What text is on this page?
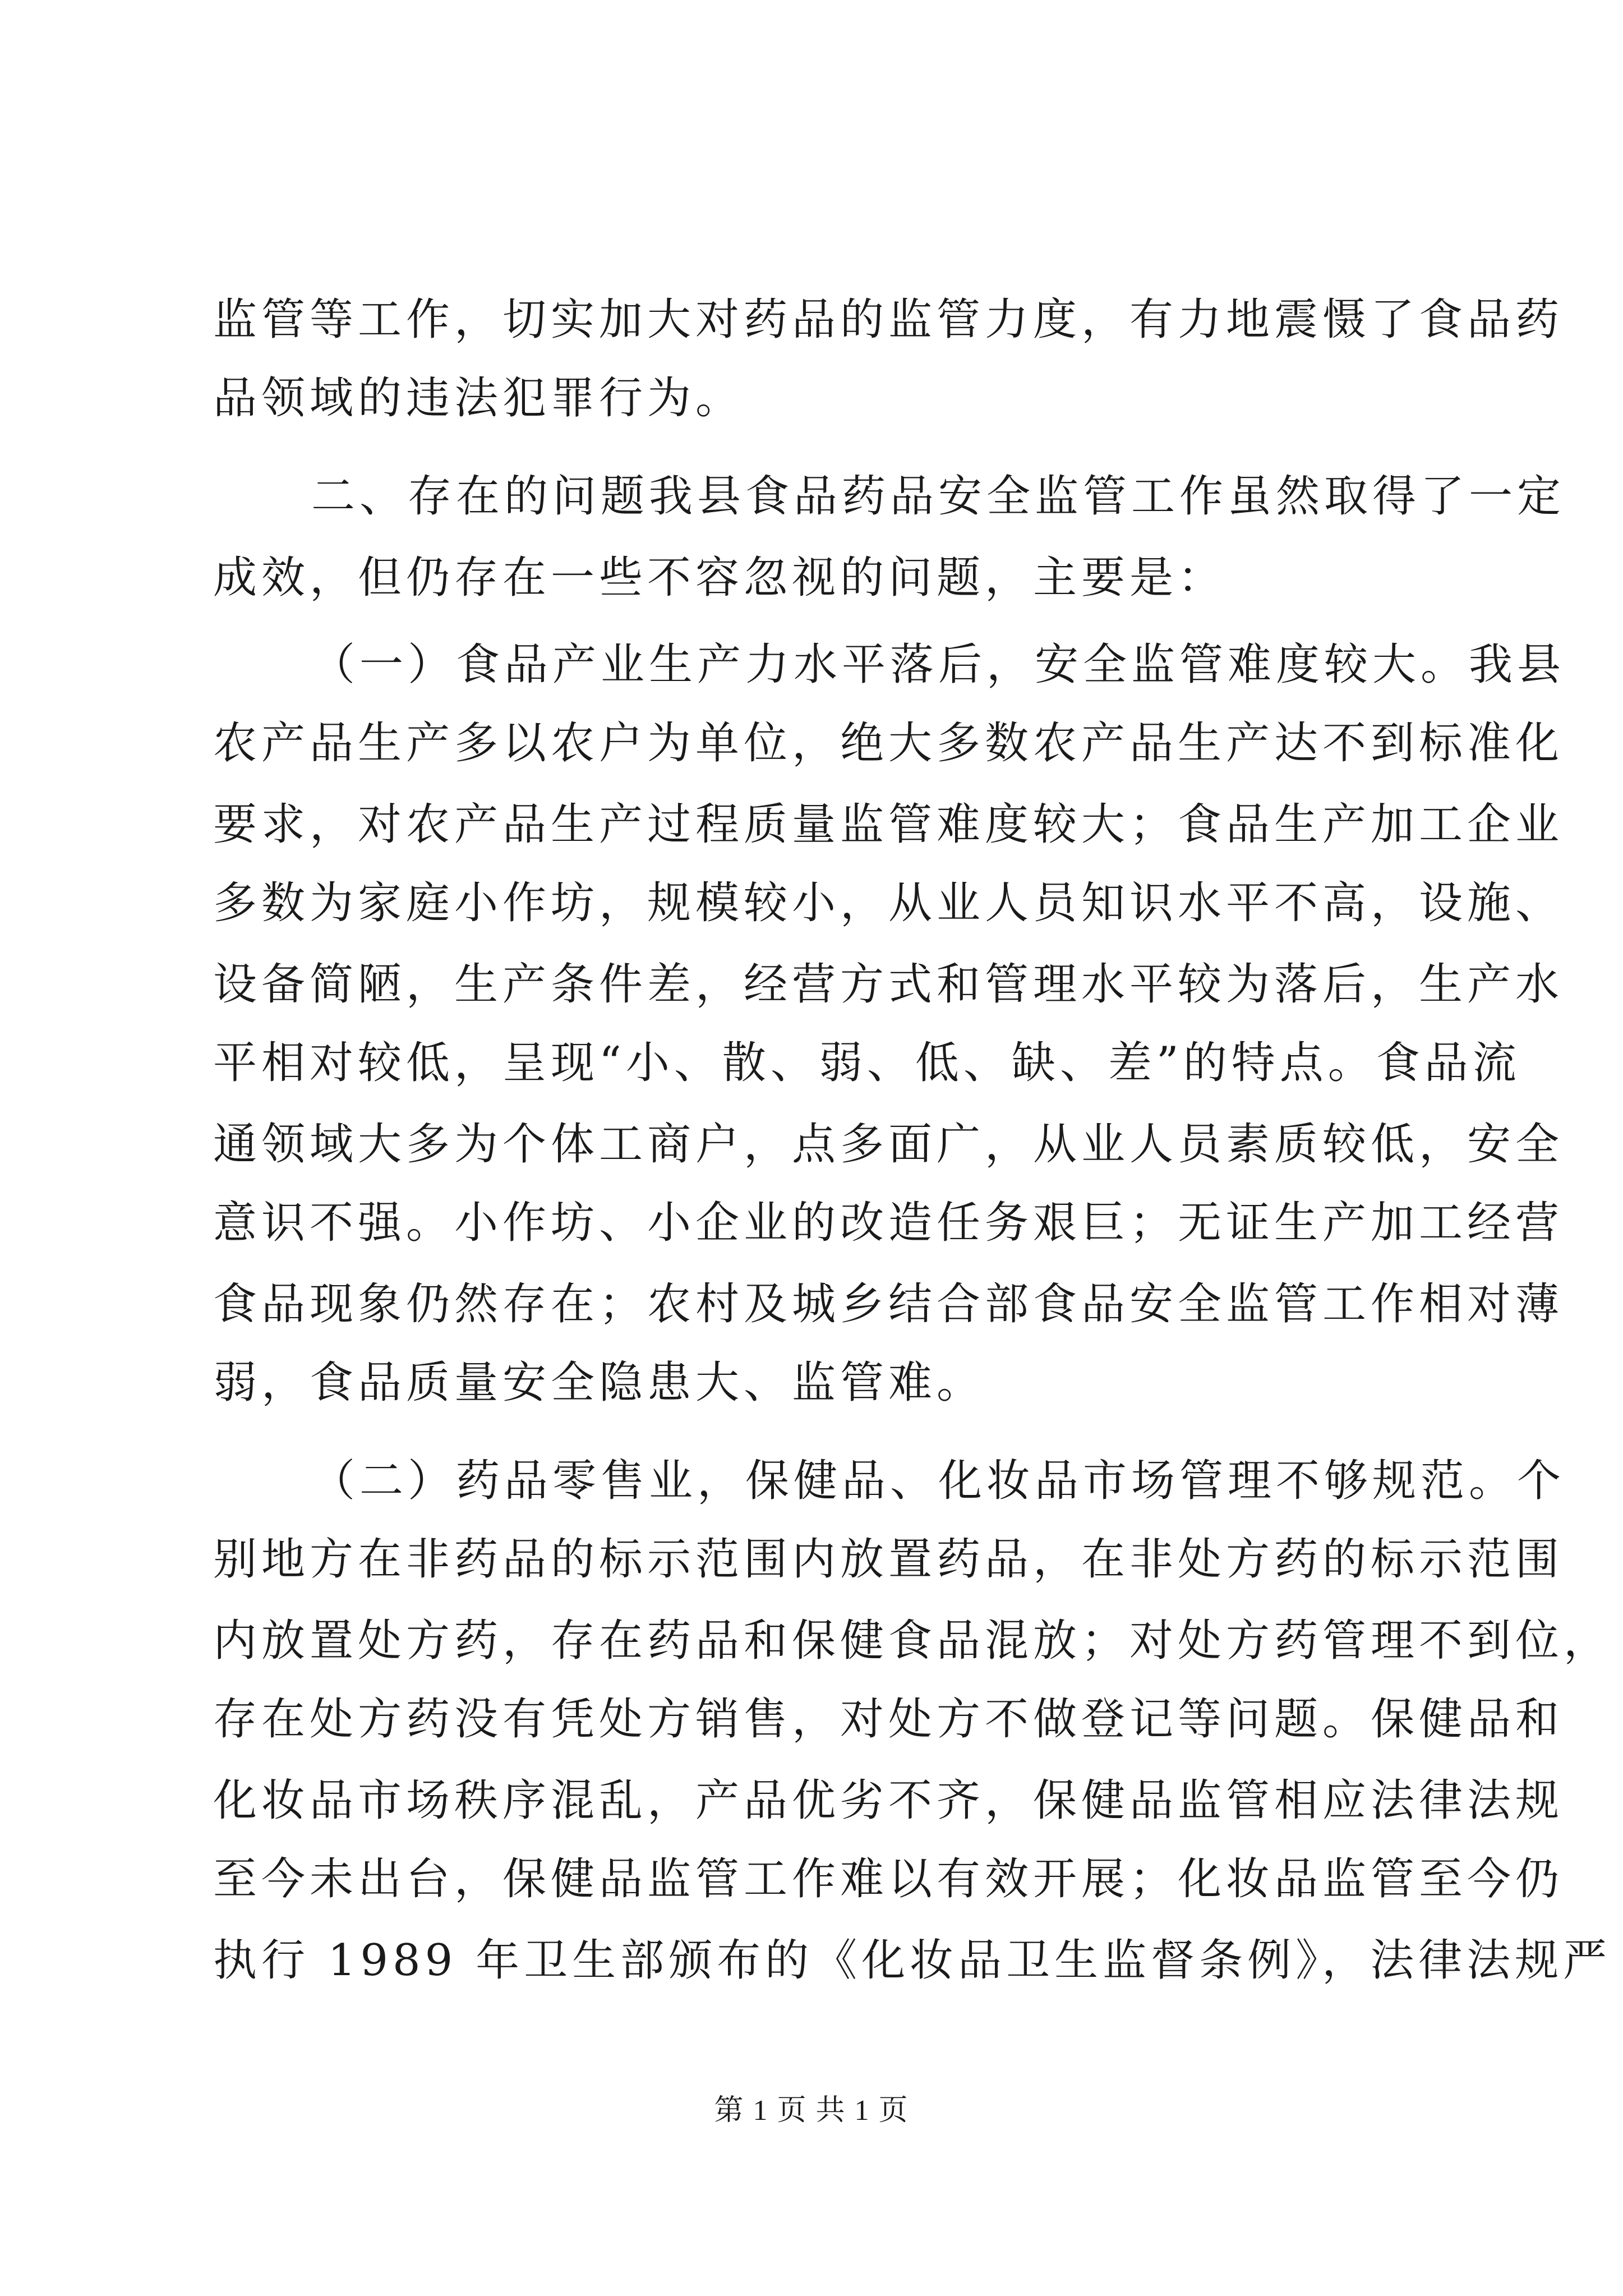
监管等工作，切实加大对药品的监管力度，有力地震慑了食品药
品领域的违法犯罪行为。
二、存在的问题我县食品药品安全监管工作虽然取得了一定
成效，但仍存在一些不容忽视的问题，主要是：
（一）食品产业生产力水平落后，安全监管难度较大。我县
农产品生产多以农户为单位，绝大多数农产品生产达不到标准化
要求，对农产品生产过程质量监管难度较大；食品生产加工企业
多数为家庭小作坊，规模较小，从业人员知识水平不高，设施、
设备简陋，生产条件差，经营方式和管理水平较为落后，生产水
平相对较低，呈现“小、散、弱、低、缺、差”的特点。食品流
通领域大多为个体工商户，点多面广，从业人员素质较低，安全
意识不强。小作坊、小企业的改造任务艰巨；无证生产加工经营
食品现象仍然存在；农村及城乡结合部食品安全监管工作相对薄
弱，食品质量安全隐患大、监管难。
（二）药品零售业，保健品、化妆品市场管理不够规范。个
别地方在非药品的标示范围内放置药品，在非处方药的标示范围
内放置处方药，存在药品和保健食品混放；对处方药管理不到位，
存在处方药没有凭处方销售，对处方不做登记等问题。保健品和
化妆品市场秩序混乱，产品优劣不齐，保健品监管相应法律法规
至今未出台，保健品监管工作难以有效开展；化妆品监管至今仍
执行 1989 年卫生部颁布的《化妆品卫生监督条例》，法律法规严
第 1 页 共 1 页
